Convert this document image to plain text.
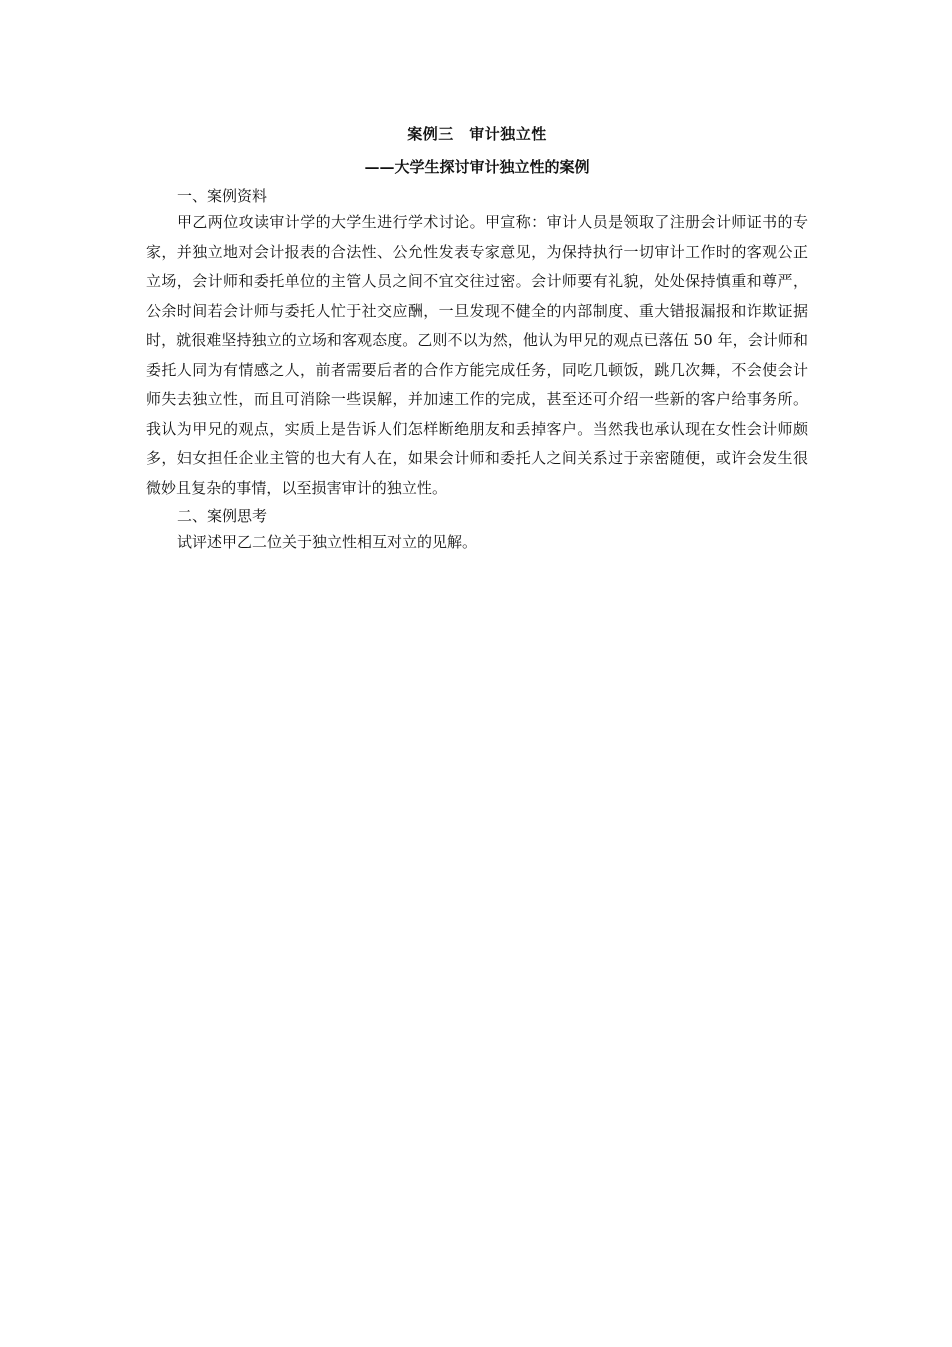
案例三　审计独立性
——大学生探讨审计独立性的案例
一、案例资料

甲乙两位攻读审计学的大学生进行学术讨论。甲宣称：审计人员是领取了注册会计师证书的专家，并独立地对会计报表的合法性、公允性发表专家意见，为保持执行一切审计工作时的客观公正立场，会计师和委托单位的主管人员之间不宜交往过密。会计师要有礼貌，处处保持慎重和尊严，公余时间若会计师与委托人忙于社交应酬，一旦发现不健全的内部制度、重大错报漏报和诈欺证据时，就很难坚持独立的立场和客观态度。乙则不以为然，他认为甲兄的观点已落伍 50 年，会计师和委托人同为有情感之人，前者需要后者的合作方能完成任务，同吃几顿饭，跳几次舞，不会使会计师失去独立性，而且可消除一些误解，并加速工作的完成，甚至还可介绍一些新的客户给事务所。我认为甲兄的观点，实质上是告诉人们怎样断绝朋友和丢掉客户。当然我也承认现在女性会计师颇多，妇女担任企业主管的也大有人在，如果会计师和委托人之间关系过于亲密随便，或许会发生很微妙且复杂的事情，以至损害审计的独立性。

二、案例思考
试评述甲乙二位关于独立性相互对立的见解。
